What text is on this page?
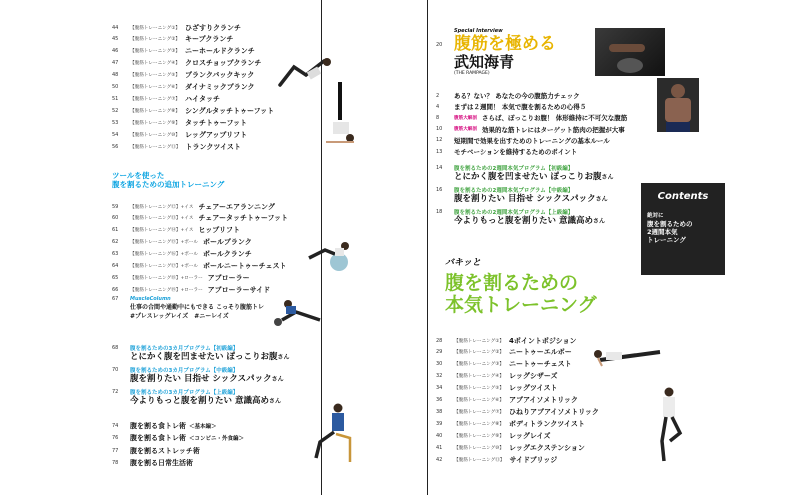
44	【腹筋トレーニング①】 ひざすりクランチ
45	【腹筋トレーニング②】 キープクランチ
46	【腹筋トレーニング③】 ニーホールドクランチ
47	【腹筋トレーニング④】 クロスチョップクランチ
48	【腹筋トレーニング⑤】 プランクバックキック
50	【腹筋トレーニング⑥】 ダイナミックプランク
51	【腹筋トレーニング⑦】 ハイタッチ
52	【腹筋トレーニング⑧】 シングルタッチトゥーフット
53	【腹筋トレーニング⑨】 タッチトゥーフット
54	【腹筋トレーニング⑩】 レッグアップリフト
56	【腹筋トレーニング⑪】 トランクツイスト
ツールを使った
腹を割るための追加トレーニング
59	【腹筋トレーニング⑫】+イス チェアーエアランニング
60	【腹筋トレーニング⑬】+イス チェアータッチトゥーフット
61	【腹筋トレーニング⑭】+イス ヒップリフト
62	【腹筋トレーニング⑮】+ボール ボールプランク
63	【腹筋トレーニング⑯】+ボール ボールクランチ
64	【腹筋トレーニング⑰】+ボール ボールニートゥーチェスト
65	【腹筋トレーニング⑱】+ローラー アブローラー
66	【腹筋トレーニング⑲】+ローラー アブローラーサイド
67	MuscleColumn
仕事の合間や通勤中にもできる こっそり腹筋トレ
#プレスレッグレイズ　#ニーレイズ
68	腹を割るための3カ月プログラム【初級編】
とにかく腹を凹ませたい ぽっこりお腹さん
70	腹を割るための3カ月プログラム【中級編】
腹を割りたい 目指せ シックスパックさん
72	腹を割るための3カ月プログラム【上級編】
今よりもっと腹を割りたい 意識高めさん
74	腹を割る食トレ術 ＜基本編＞
76	腹を割る食トレ術 ＜コンビニ・外食編＞
77	腹を割るストレッチ術
78	腹を割る日常生活術
20
Special Interview
腹筋を極める
武知海青
(THE RAMPAGE)
2	ある？ない？ あなたの今の腹筋力チェック
4	まずは２週間！ 本気で腹を割るための心得５
8	腹筋大解剖 さらば、ぽっこりお腹！ 体形維持に不可欠な腹筋
10	腹筋大解剖 効果的な筋トレにはターゲット筋肉の把握が大事
12	短期間で効果を出すためのトレーニングの基本ルール
13	モチベーションを維持するためのポイント
14	腹を割るための2週間本気プログラム【初級編】
とにかく腹を凹ませたい ぽっこりお腹さん
16	腹を割るための2週間本気プログラム【中級編】
腹を割りたい 目指せ シックスパックさん
18	腹を割るための2週間本気プログラム【上級編】
今よりもっと腹を割りたい 意識高めさん
Contents
絶対に
腹を割るための
2週間本気
トレーニング
バキッと
腹を割るための
本気トレーニング
28	【腹筋トレーニング①】 4ポイントポジション
29	【腹筋トレーニング②】 ニートゥーエルボー
30	【腹筋トレーニング③】 ニートゥーチェスト
32	【腹筋トレーニング④】 レッグシザーズ
34	【腹筋トレーニング⑤】 レッグツイスト
36	【腹筋トレーニング⑥】 アブアイソメトリック
38	【腹筋トレーニング⑦】 ひねりアブアイソメトリック
39	【腹筋トレーニング⑧】 ボディトランクツイスト
40	【腹筋トレーニング⑨】 レッグレイズ
41	【腹筋トレーニング⑩】 レッグエクステンション
42	【腹筋トレーニング⑪】 サイドブリッジ
